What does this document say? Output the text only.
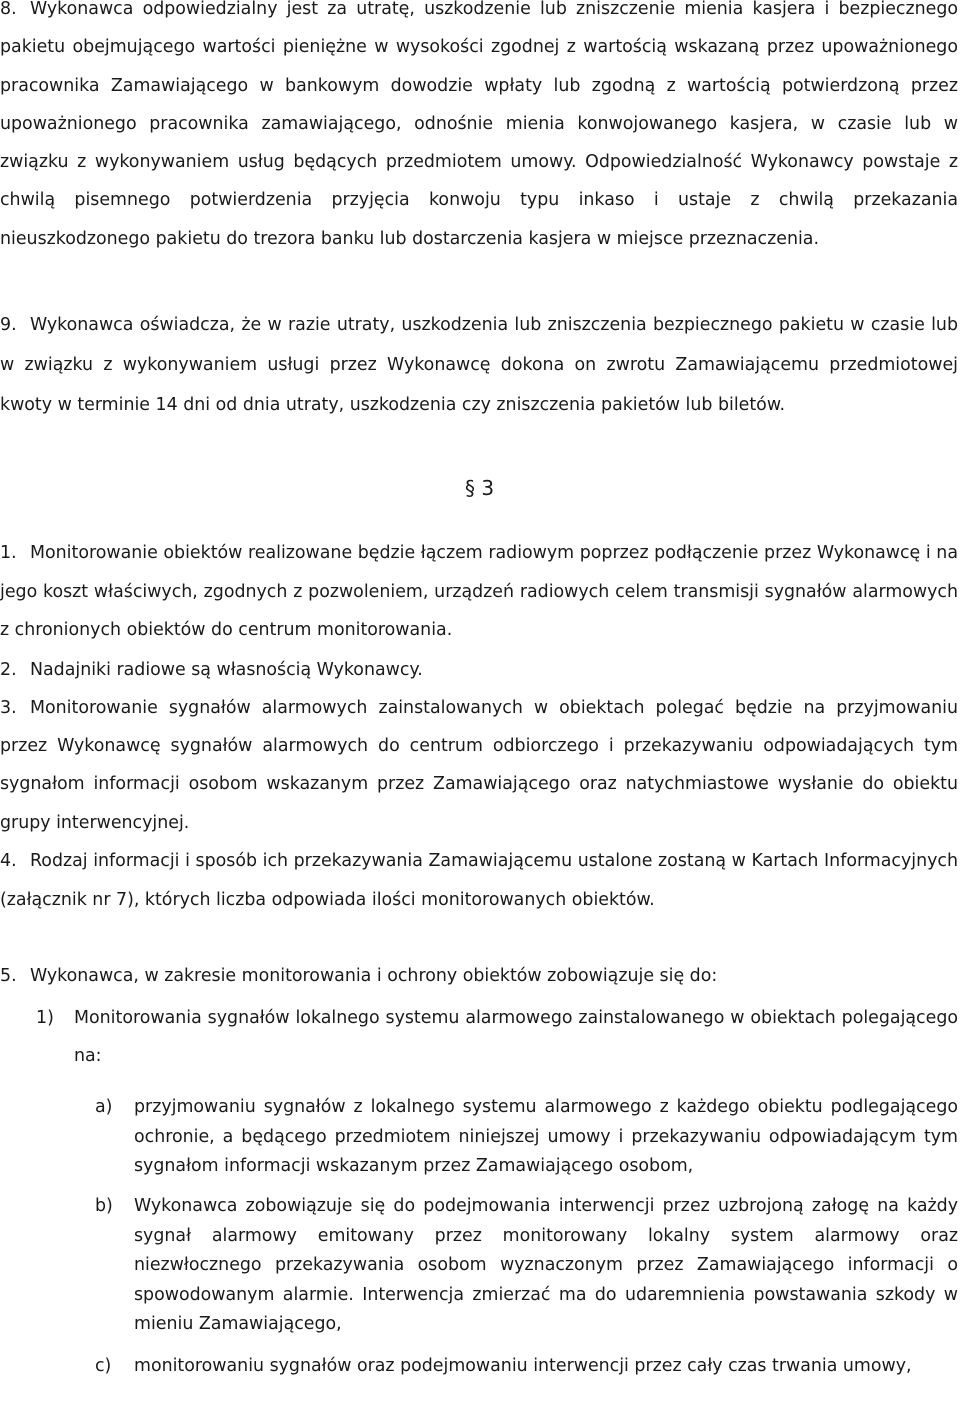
8. Wykonawca odpowiedzialny jest za utratę, uszkodzenie lub zniszczenie mienia kasjera i bezpiecznego pakietu obejmującego wartości pieniężne w wysokości zgodnej z wartością wskazaną przez upoważnionego pracownika Zamawiającego w bankowym dowodzie wpłaty lub zgodną z wartością potwierdzoną przez upoważnionego pracownika zamawiającego, odnośnie mienia konwojowanego kasjera, w czasie lub w związku z wykonywaniem usług będących przedmiotem umowy. Odpowiedzialność Wykonawcy powstaje z chwilą pisemnego potwierdzenia przyjęcia konwoju typu inkaso i ustaje z chwilą przekazania nieuszkodzonego pakietu do trezora banku lub dostarczenia kasjera w miejsce przeznaczenia.

9. Wykonawca oświadcza, że w razie utraty, uszkodzenia lub zniszczenia bezpiecznego pakietu w czasie lub w związku z wykonywaniem usługi przez Wykonawcę dokona on zwrotu Zamawiającemu przedmiotowej kwoty w terminie 14 dni od dnia utraty, uszkodzenia czy zniszczenia pakietów lub biletów.

§ 3
1. Monitorowanie obiektów realizowane będzie łączem radiowym poprzez podłączenie przez Wykonawcę i na jego koszt właściwych, zgodnych z pozwoleniem, urządzeń radiowych celem transmisji sygnałów alarmowych z chronionych obiektów do centrum monitorowania.

2. Nadajniki radiowe są własnością Wykonawcy.

3. Monitorowanie sygnałów alarmowych zainstalowanych w obiektach polegać będzie na przyjmowaniu przez Wykonawcę sygnałów alarmowych do centrum odbiorczego i przekazywaniu odpowiadających tym sygnałom informacji osobom wskazanym przez Zamawiającego oraz natychmiastowe wysłanie do obiektu grupy interwencyjnej.

4. Rodzaj informacji i sposób ich przekazywania Zamawiającemu ustalone zostaną w Kartach Informacyjnych (załącznik nr 7), których liczba odpowiada ilości monitorowanych obiektów.

5. Wykonawca, w zakresie monitorowania i ochrony obiektów zobowiązuje się do:

1) Monitorowania sygnałów lokalnego systemu alarmowego zainstalowanego w obiektach polegającego na:

a) przyjmowaniu sygnałów z lokalnego systemu alarmowego z każdego obiektu podlegającego ochronie, a będącego przedmiotem niniejszej umowy i przekazywaniu odpowiadającym tym sygnałom informacji wskazanym przez Zamawiającego osobom,

b) Wykonawca zobowiązuje się do podejmowania interwencji przez uzbrojoną załogę na każdy sygnał alarmowy emitowany przez monitorowany lokalny system alarmowy oraz niezwłocznego przekazywania osobom wyznaczonym przez Zamawiającego informacji o spowodowanym alarmie. Interwencja zmierzać ma do udaremnienia powstawania szkody w mieniu Zamawiającego,

c) monitorowaniu sygnałów oraz podejmowaniu interwencji przez cały czas trwania umowy,
